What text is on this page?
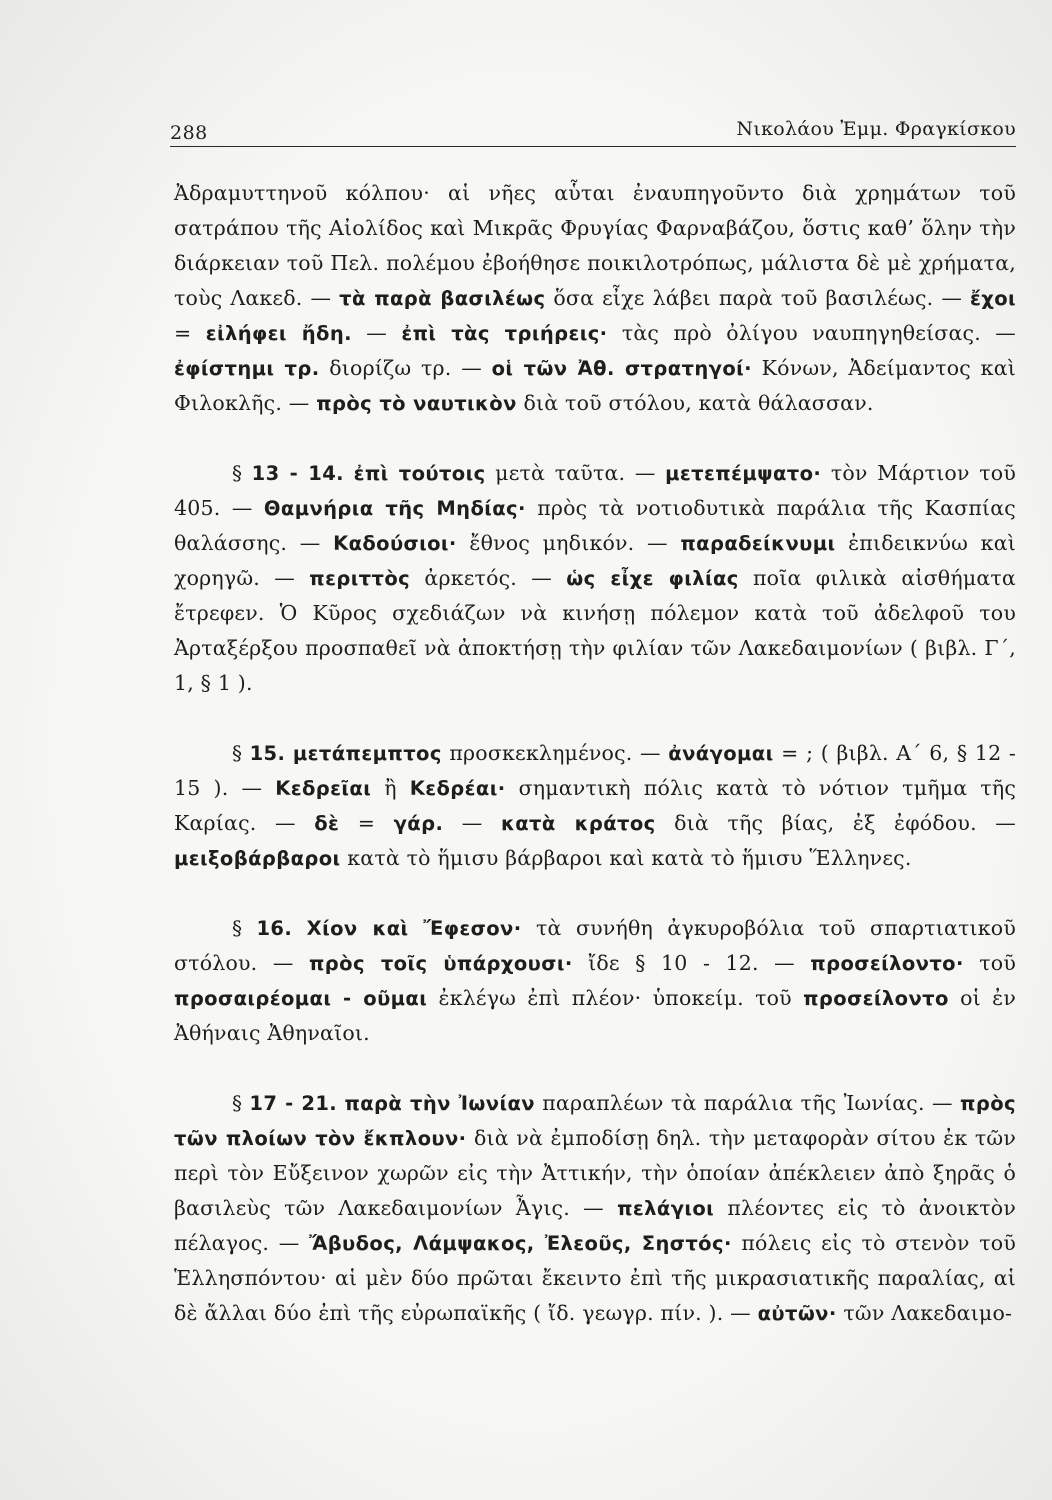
288	Νικολάου Ἐμμ. Φραγκίσκου

Ἀδραμυττηνοῦ κόλπου· αἱ νῆες αὗται ἐναυπηγοῦντο διὰ χρημάτων τοῦ σατράπου τῆς Αἰολίδος καὶ Μικρᾶς Φρυγίας Φαρναβάζου, ὅστις καθ’ ὅλην τὴν διάρκειαν τοῦ Πελ. πολέμου ἐβοήθησε ποικιλοτρόπως, μάλιστα δὲ μὲ χρήματα, τοὺς Λακεδ. — τὰ παρὰ βασιλέως ὅσα εἶχε λάβει παρὰ τοῦ βασιλέως. — ἔχοι = εἰλήφει ἤδη. — ἐπὶ τὰς τριήρεις· τὰς πρὸ ὀλίγου ναυπηγηθείσας. — ἐφίστημι τρ. διορίζω τρ. — οἱ τῶν Ἀθ. στρατηγοί· Κόνων, Ἀδείμαντος καὶ Φιλοκλῆς. — πρὸς τὸ ναυτικὸν διὰ τοῦ στόλου, κατὰ θάλασσαν.

§ 13 - 14. ἐπὶ τούτοις μετὰ ταῦτα. — μετεπέμψατο· τὸν Μάρτιον τοῦ 405. — Θαμνήρια τῆς Μηδίας· πρὸς τὰ νοτιοδυτικὰ παράλια τῆς Κασπίας θαλάσσης. — Καδούσιοι· ἔθνος μηδικόν. — παραδείκνυμι ἐπιδεικνύω καὶ χορηγῶ. — περιττὸς ἀρκετός. — ὡς εἶχε φιλίας ποῖα φιλικὰ αἰσθήματα ἔτρεφεν. Ὁ Κῦρος σχεδιάζων νὰ κινήσῃ πόλεμον κατὰ τοῦ ἀδελφοῦ του Ἀρταξέρξου προσπαθεῖ νὰ ἀποκτήσῃ τὴν φιλίαν τῶν Λακεδαιμονίων ( βιβλ. Γ΄, 1, § 1 ).

§ 15. μετάπεμπτος προσκεκλημένος. — ἀνάγομαι = ; ( βιβλ. Α΄ 6, § 12 - 15 ). — Κεδρεῖαι ἢ Κεδρέαι· σημαντικὴ πόλις κατὰ τὸ νότιον τμῆμα τῆς Καρίας. — δὲ = γάρ. — κατὰ κράτος διὰ τῆς βίας, ἐξ ἐφόδου. — μειξοβάρβαροι κατὰ τὸ ἥμισυ βάρβαροι καὶ κατὰ τὸ ἥμισυ Ἕλληνες.

§ 16. Χίον καὶ Ἔφεσον· τὰ συνήθη ἀγκυροβόλια τοῦ σπαρτιατικοῦ στόλου. — πρὸς τοῖς ὑπάρχουσι· ἴδε § 10 - 12. — προσείλοντο· τοῦ προσαιρέομαι - οῦμαι ἐκλέγω ἐπὶ πλέον· ὑποκείμ. τοῦ προσείλοντο οἱ ἐν Ἀθήναις Ἀθηναῖοι.

§ 17 - 21. παρὰ τὴν Ἰωνίαν παραπλέων τὰ παράλια τῆς Ἰωνίας. — πρὸς τῶν πλοίων τὸν ἔκπλουν· διὰ νὰ ἐμποδίσῃ δηλ. τὴν μεταφορὰν σίτου ἐκ τῶν περὶ τὸν Εὔξεινον χωρῶν εἰς τὴν Ἀττικήν, τὴν ὁποίαν ἀπέκλειεν ἀπὸ ξηρᾶς ὁ βασιλεὺς τῶν Λακεδαιμονίων Ἆγις. — πελάγιοι πλέοντες εἰς τὸ ἀνοικτὸν πέλαγος. — Ἄβυδος, Λάμψακος, Ἐλεοῦς, Σηστός· πόλεις εἰς τὸ στενὸν τοῦ Ἑλλησπόντου· αἱ μὲν δύο πρῶται ἔκειντο ἐπὶ τῆς μικρασιατικῆς παραλίας, αἱ δὲ ἄλλαι δύο ἐπὶ τῆς εὐρωπαϊκῆς ( ἴδ. γεωγρ. πίν. ). — αὐτῶν· τῶν Λακεδαιμο-
